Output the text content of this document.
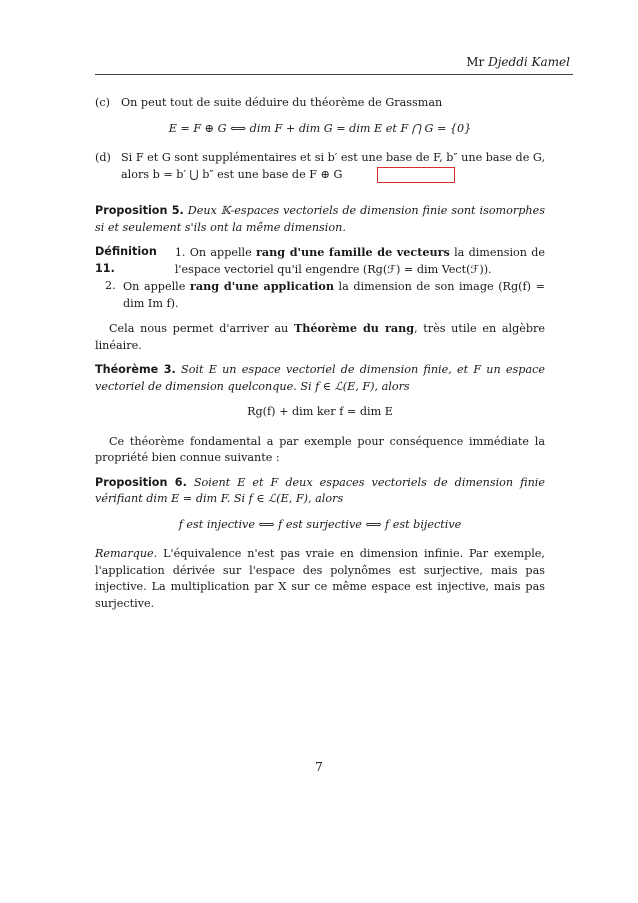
Mr Djeddi Kamel
(c) On peut tout de suite déduire du théorème de Grassman
E = F ⊕ G ⟺ dim F + dim G = dim E et F ⋂ G = {0}
(d) Si F et G sont supplémentaires et si b′ est une base de F, b″ une base de G, alors b = b′ ⋃ b″ est une base de F ⊕ G

Proposition 5. Deux 𝕂-espaces vectoriels de dimension finie sont isomorphes si et seulement s'ils ont la même dimension.

Définition 11.
1. On appelle rang d'une famille de vecteurs la dimension de l'espace vectoriel qu'il engendre (Rg(ℱ) = dim Vect(ℱ)).
2. On appelle rang d'une application la dimension de son image (Rg(f) = dim Im f).

Cela nous permet d'arriver au Théorème du rang, très utile en algèbre linéaire.

Théorème 3. Soit E un espace vectoriel de dimension finie, et F un espace vectoriel de dimension quelconque. Si f ∈ ℒ(E, F), alors

Rg(f) + dim ker f = dim E

Ce théorème fondamental a par exemple pour conséquence immédiate la propriété bien connue suivante :

Proposition 6. Soient E et F deux espaces vectoriels de dimension finie vérifiant dim E = dim F. Si f ∈ ℒ(E, F), alors

f est injective ⟺ f est surjective ⟺ f est bijective

Remarque. L'équivalence n'est pas vraie en dimension infinie. Par exemple, l'application dérivée sur l'espace des polynômes est surjective, mais pas injective. La multiplication par X sur ce même espace est injective, mais pas surjective.

7
